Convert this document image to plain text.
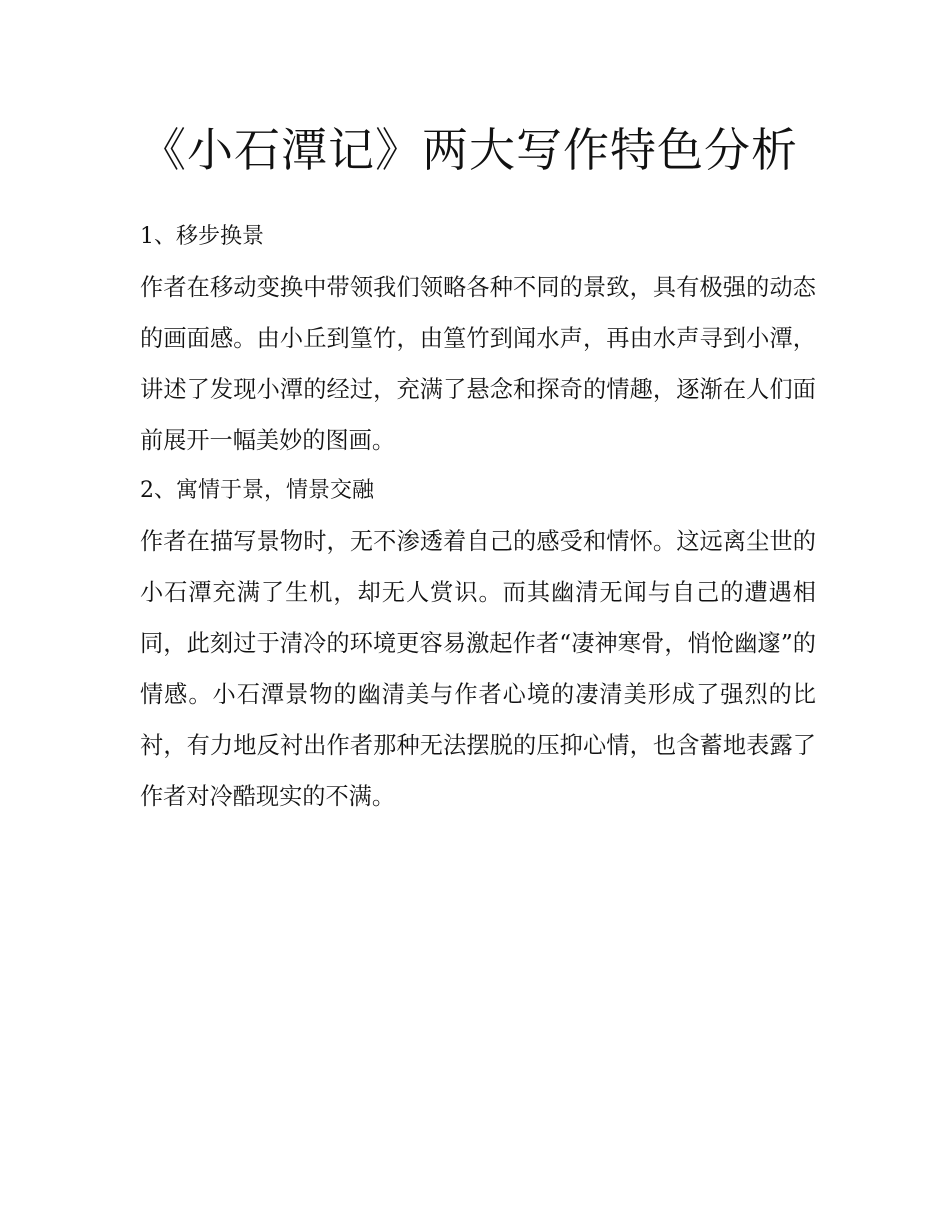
《小石潭记》两大写作特色分析

1、移步换景

作者在移动变换中带领我们领略各种不同的景致，具有极强的动态的画面感。由小丘到篁竹，由篁竹到闻水声，再由水声寻到小潭，讲述了发现小潭的经过，充满了悬念和探奇的情趣，逐渐在人们面前展开一幅美妙的图画。

2、寓情于景，情景交融

作者在描写景物时，无不渗透着自己的感受和情怀。这远离尘世的小石潭充满了生机，却无人赏识。而其幽清无闻与自己的遭遇相同，此刻过于清冷的环境更容易激起作者“凄神寒骨，悄怆幽邃”的情感。小石潭景物的幽清美与作者心境的凄清美形成了强烈的比衬，有力地反衬出作者那种无法摆脱的压抑心情，也含蓄地表露了作者对冷酷现实的不满。
